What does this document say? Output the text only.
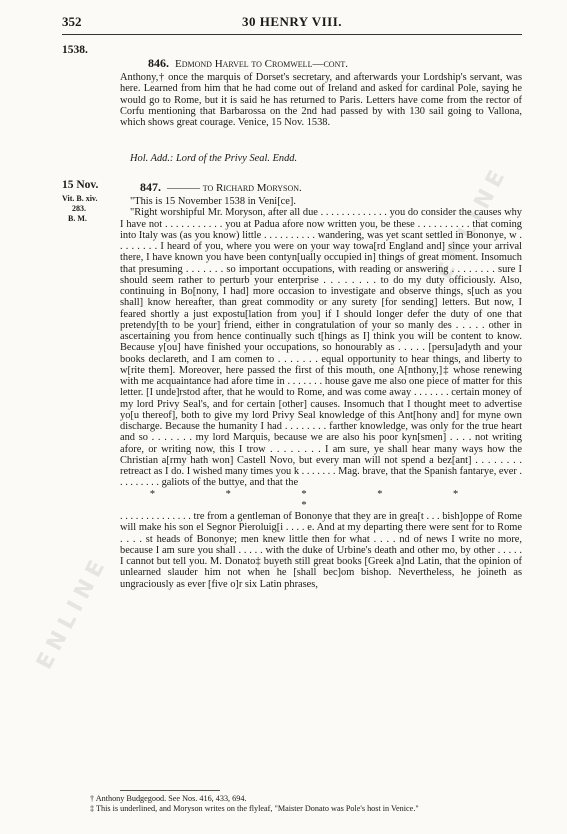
352	30 HENRY VIII.
1538.
846. Edmond Harvel to Cromwell—cont.

Anthony,† once the marquis of Dorset's secretary, and afterwards your Lordship's servant, was here. Learned from him that he had come out of Ireland and asked for cardinal Pole, saying he would go to Rome, but it is said he has returned to Paris. Letters have come from the rector of Corfu mentioning that Barbarossa on the 2nd had passed by with 130 sail going to Vallona, which shows great courage. Venice, 15 Nov. 1538.

Hol. Add.: Lord of the Privy Seal. Endd.
15 Nov.
Vit. B. xiv.
283.
B. M.
847. ——— to Richard Moryson.

"This is 15 November 1538 in Veni[ce].

"Right worshipful Mr. Moryson, after all due . . . . . . . . . . . . . you do consider the causes why I have not . . . . . . . . . . . you at Padua afore now written you, be these . . . . . . . . . . that coming into Italy was (as you know) little . . . . . . . . . . wandering, was yet scant settled in Bononye, w . . . . . . . . I heard of you, where you were on your way towa[rd England and] since your arrival there, I have known you have been contyn[ually occupied in] things of great moment. Insomuch that presuming . . . . . . . so important occupations, with reading or answering . . . . . . . . sure I should seem rather to perturb your enterprise . . . . . . . . to do my duty officiously. Also, continuing in Bo[nony, I had] more occasion to investigate and observe things, s[uch as you shall] know hereafter, than great commodity or any surety [for sending] letters. But now, I feared shortly a just expostu[lation from you] if I should longer defer the duty of one that pretendy[th to be your] friend, either in congratulation of your so manly des . . . . . other in ascertaining you from hence continually such t[hings as I] think you will be content to know. Because y[ou] have finished your occupations, so honourably as . . . . . [persu]adyth and your books declareth, and I am comen to . . . . . . . equal opportunity to hear things, and liberty to w[rite them]. Moreover, here passed the first of this mouth, one A[nthony,]‡ whose renewing with me acquaintance had afore time in . . . . . . . house gave me also one piece of matter for this letter. [I unde]rstod after, that he would to Rome, and was come away . . . . . . . certain money of my lord Privy Seal's, and for certain [other] causes. Insomuch that I thought meet to advertise yo[u thereof], both to give my lord Privy Seal knowledge of this Ant[hony and] for myne own discharge. Because the humanity I had . . . . . . . . farther knowledge, was only for the true heart and so . . . . . . . my lord Marquis, because we are also his poor kyn[smen] . . . . not writing afore, or writing now, this I trow . . . . . . . . I am sure, ye shall hear many ways how the Christian a[rmy hath won] Castell Novo, but every man will not spend a bez[ant] . . . . . . . . retreact as I do. I wished many times you k . . . . . . . Mag. brave, that the Spanish fantarye, ever . . . . . . . . . galiots of the buttye, and that the

* * * * * *

. . . . . . . . . . . . . . tre from a gentleman of Bononye that they are in grea[t . . . bish]oppe of Rome will make his son el Segnor Pieroluig[i . . . . e. And at my departing there were sent for to Rome . . . . st heads of Bononye; men knew little then for what . . . . nd of news I write no more, because I am sure you shall . . . . . with the duke of Urbine's death and other mo, by other . . . . . I cannot but tell you. M. Donato‡ buyeth still great books [Greek a]nd Latin, that the opinion of unlearned slauder him not when he [shall bec]om bishop. Nevertheless, he joineth as ungraciously as ever [five o]r six Latin phrases,

† Anthony Budgegood. See Nos. 416, 433, 694.

‡ This is underlined, and Moryson writes on the flyleaf, "Maister Donato was Pole's host in Venice."

ENLINE
ENLINE
